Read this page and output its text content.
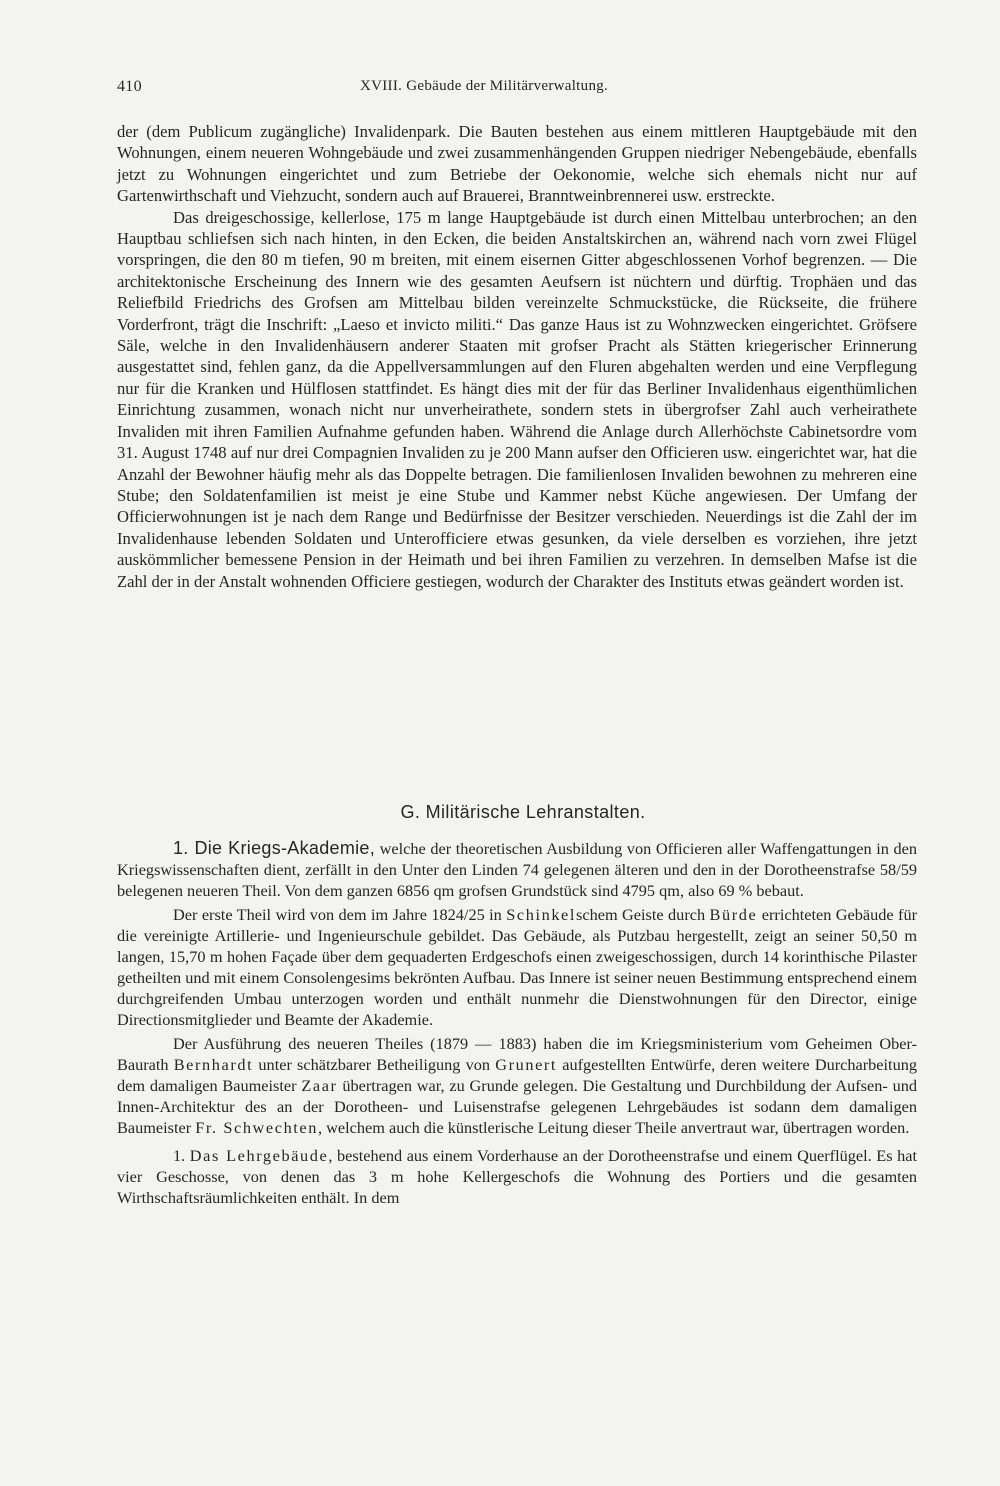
410	XVIII. Gebäude der Militärverwaltung.

der (dem Publicum zugängliche) Invalidenpark. Die Bauten bestehen aus einem mittleren Hauptgebäude mit den Wohnungen, einem neueren Wohngebäude und zwei zusammenhängenden Gruppen niedriger Nebengebäude, ebenfalls jetzt zu Wohnungen eingerichtet und zum Betriebe der Oekonomie, welche sich ehemals nicht nur auf Gartenwirthschaft und Viehzucht, sondern auch auf Brauerei, Branntweinbrennerei usw. erstreckte.

Das dreigeschossige, kellerlose, 175 m lange Hauptgebäude ist durch einen Mittelbau unterbrochen; an den Hauptbau schliefsen sich nach hinten, in den Ecken, die beiden Anstaltskirchen an, während nach vorn zwei Flügel vorspringen, die den 80 m tiefen, 90 m breiten, mit einem eisernen Gitter abgeschlossenen Vorhof begrenzen. — Die architektonische Erscheinung des Innern wie des gesamten Aeufsern ist nüchtern und dürftig. Trophäen und das Reliefbild Friedrichs des Grofsen am Mittelbau bilden vereinzelte Schmuckstücke, die Rückseite, die frühere Vorderfront, trägt die Inschrift: „Laeso et invicto militi.“ Das ganze Haus ist zu Wohnzwecken eingerichtet. Gröfsere Säle, welche in den Invalidenhäusern anderer Staaten mit grofser Pracht als Stätten kriegerischer Erinnerung ausgestattet sind, fehlen ganz, da die Appellversammlungen auf den Fluren abgehalten werden und eine Verpflegung nur für die Kranken und Hülflosen stattfindet. Es hängt dies mit der für das Berliner Invalidenhaus eigenthümlichen Einrichtung zusammen, wonach nicht nur unverheirathete, sondern stets in übergrofser Zahl auch verheirathete Invaliden mit ihren Familien Aufnahme gefunden haben. Während die Anlage durch Allerhöchste Cabinetsordre vom 31. August 1748 auf nur drei Compagnien Invaliden zu je 200 Mann aufser den Officieren usw. eingerichtet war, hat die Anzahl der Bewohner häufig mehr als das Doppelte betragen. Die familienlosen Invaliden bewohnen zu mehreren eine Stube; den Soldatenfamilien ist meist je eine Stube und Kammer nebst Küche angewiesen. Der Umfang der Officierwohnungen ist je nach dem Range und Bedürfnisse der Besitzer verschieden. Neuerdings ist die Zahl der im Invalidenhause lebenden Soldaten und Unterofficiere etwas gesunken, da viele derselben es vorziehen, ihre jetzt auskömmlicher bemessene Pension in der Heimath und bei ihren Familien zu verzehren. In demselben Mafse ist die Zahl der in der Anstalt wohnenden Officiere gestiegen, wodurch der Charakter des Instituts etwas geändert worden ist.

G. Militärische Lehranstalten.

1. Die Kriegs-Akademie, welche der theoretischen Ausbildung von Officieren aller Waffengattungen in den Kriegswissenschaften dient, zerfällt in den Unter den Linden 74 gelegenen älteren und den in der Dorotheenstrafse 58/59 belegenen neueren Theil. Von dem ganzen 6856 qm grofsen Grundstück sind 4795 qm, also 69 % bebaut.

Der erste Theil wird von dem im Jahre 1824/25 in Schinkelschem Geiste durch Bürde errichteten Gebäude für die vereinigte Artillerie- und Ingenieurschule gebildet. Das Gebäude, als Putzbau hergestellt, zeigt an seiner 50,50 m langen, 15,70 m hohen Façade über dem gequaderten Erdgeschofs einen zweigeschossigen, durch 14 korinthische Pilaster getheilten und mit einem Consolengesims bekrönten Aufbau. Das Innere ist seiner neuen Bestimmung entsprechend einem durchgreifenden Umbau unterzogen worden und enthält nunmehr die Dienstwohnungen für den Director, einige Directionsmitglieder und Beamte der Akademie.

Der Ausführung des neueren Theiles (1879 — 1883) haben die im Kriegsministerium vom Geheimen Ober-Baurath Bernhardt unter schätzbarer Betheiligung von Grunert aufgestellten Entwürfe, deren weitere Durcharbeitung dem damaligen Baumeister Zaar übertragen war, zu Grunde gelegen. Die Gestaltung und Durchbildung der Aufsen- und Innen-Architektur des an der Dorotheen- und Luisenstrafse gelegenen Lehrgebäudes ist sodann dem damaligen Baumeister Fr. Schwechten, welchem auch die künstlerische Leitung dieser Theile anvertraut war, übertragen worden.

1. Das Lehrgebäude, bestehend aus einem Vorderhause an der Dorotheenstrafse und einem Querflügel. Es hat vier Geschosse, von denen das 3 m hohe Kellergeschofs die Wohnung des Portiers und die gesamten Wirthschaftsräumlichkeiten enthält. In dem
